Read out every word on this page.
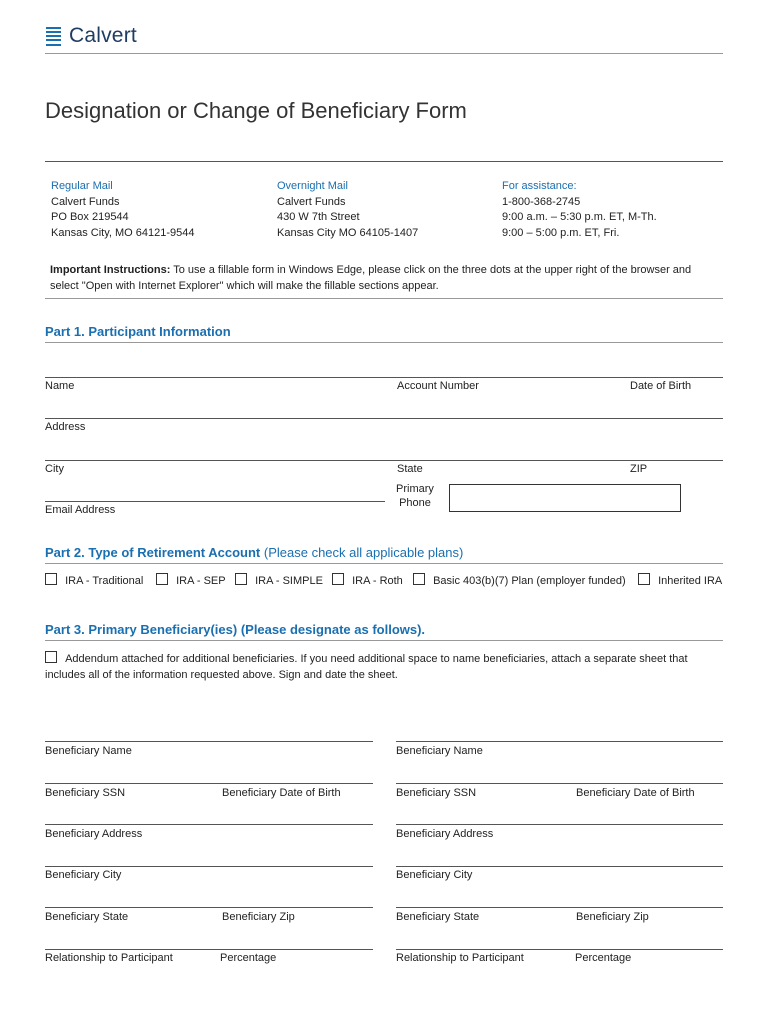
Calvert
Designation or Change of Beneficiary Form
Regular Mail
Calvert Funds
PO Box 219544
Kansas City, MO 64121-9544
Overnight Mail
Calvert Funds
430 W 7th Street
Kansas City MO 64105-1407
For assistance:
1-800-368-2745
9:00 a.m. – 5:30 p.m. ET, M-Th.
9:00 – 5:00 p.m. ET, Fri.
Important Instructions: To use a fillable form in Windows Edge, please click on the three dots at the upper right of the browser and select "Open with Internet Explorer" which will make the fillable sections appear.
Part 1. Participant Information
Name	Account Number	Date of Birth
Address
City	State	ZIP
Primary
Phone
Email Address
Part 2. Type of Retirement Account (Please check all applicable plans)
IRA - Traditional	IRA - SEP	IRA - SIMPLE	IRA - Roth	Basic 403(b)(7) Plan (employer funded)	Inherited IRA
Part 3. Primary Beneficiary(ies) (Please designate as follows).
Addendum attached for additional beneficiaries. If you need additional space to name beneficiaries, attach a separate sheet that includes all of the information requested above. Sign and date the sheet.
Beneficiary Name
Beneficiary SSN	Beneficiary Date of Birth
Beneficiary Address
Beneficiary City
Beneficiary State	Beneficiary Zip
Relationship to Participant	Percentage
Beneficiary Name
Beneficiary SSN	Beneficiary Date of Birth
Beneficiary Address
Beneficiary City
Beneficiary State	Beneficiary Zip
Relationship to Participant	Percentage
